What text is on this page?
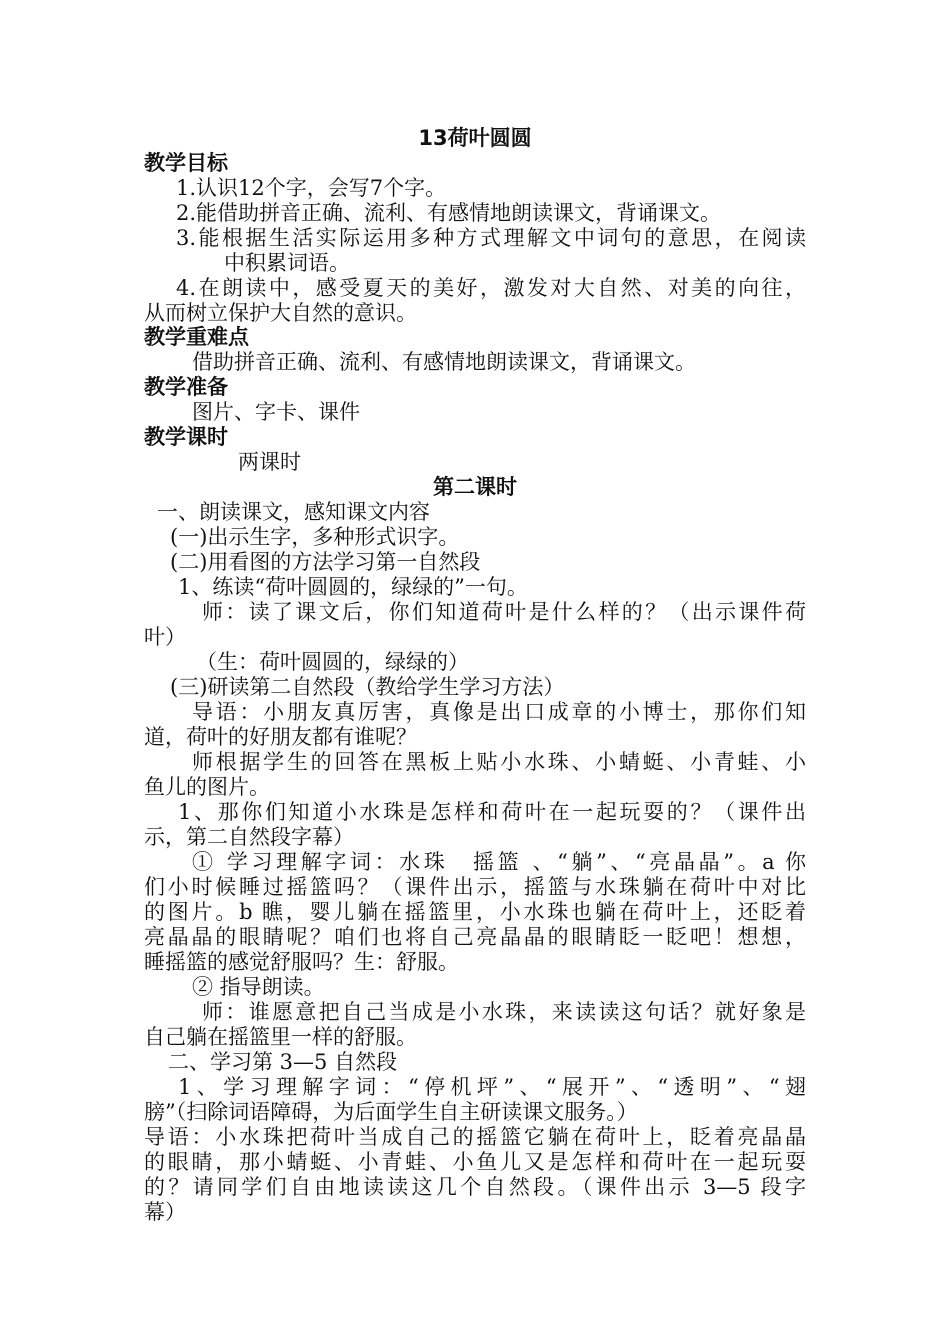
13荷叶圆圆
教学目标
1.认识12个字，会写7个字。
2.能借助拼音正确、流利、有感情地朗读课文，背诵课文。
3.能根据生活实际运用多种方式理解文中词句的意思，在阅读
中积累词语。
4.在朗读中，感受夏天的美好，激发对大自然、对美的向往，
从而树立保护大自然的意识。
教学重难点
借助拼音正确、流利、有感情地朗读课文，背诵课文。
教学准备
图片、字卡、课件
教学课时
两课时
第二课时
一、朗读课文，感知课文内容
(一)出示生字，多种形式识字。
(二)用看图的方法学习第一自然段
1、练读“荷叶圆圆的，绿绿的”一句。
师：读了课文后，你们知道荷叶是什么样的？（出示课件荷
叶）
（生：荷叶圆圆的，绿绿的）
(三)研读第二自然段（教给学生学习方法）
导语：小朋友真厉害，真像是出口成章的小博士，那你们知
道，荷叶的好朋友都有谁呢？
师根据学生的回答在黑板上贴小水珠、小蜻蜓、小青蛙、小
鱼儿的图片。
1、那你们知道小水珠是怎样和荷叶在一起玩耍的？（课件出
示，第二自然段字幕）
① 学习理解字词：水珠　摇篮 、“躺”、“亮晶晶”。a 你
们小时候睡过摇篮吗？（课件出示，摇篮与水珠躺在荷叶中对比
的图片。b 瞧，婴儿躺在摇篮里，小水珠也躺在荷叶上，还眨着
亮晶晶的眼睛呢？咱们也将自己亮晶晶的眼睛眨一眨吧！想想，
睡摇篮的感觉舒服吗？生：舒服。
② 指导朗读。
师：谁愿意把自己当成是小水珠，来读读这句话？就好象是
自己躺在摇篮里一样的舒服。
二、学习第 3—5 自然段
1、学习理解字词：“停机坪”、“展开”、“透明”、“翅
膀”（扫除词语障碍，为后面学生自主研读课文服务。）
导语：小水珠把荷叶当成自己的摇篮它躺在荷叶上，眨着亮晶晶
的眼睛，那小蜻蜓、小青蛙、小鱼儿又是怎样和荷叶在一起玩耍
的？请同学们自由地读读这几个自然段。（课件出示 3—5 段字
幕）
